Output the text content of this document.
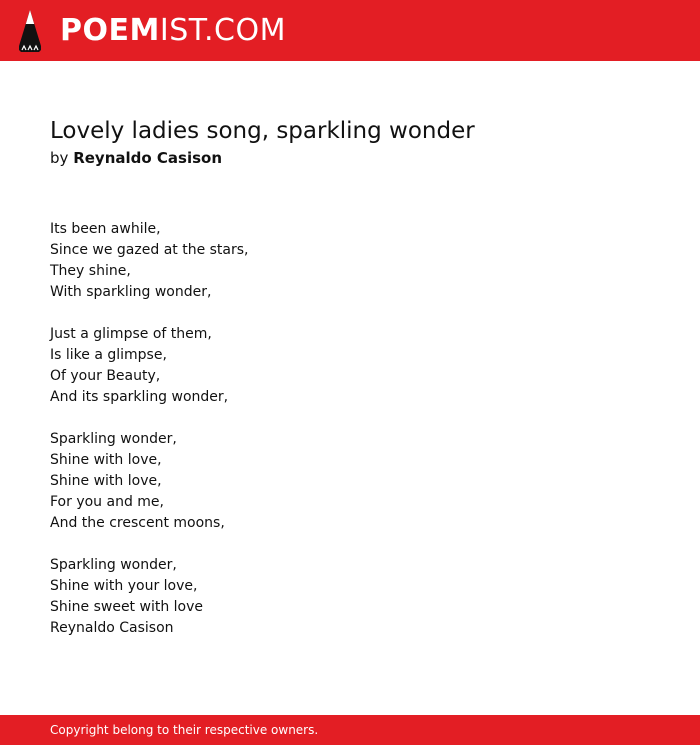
POEMIST.COM
Lovely ladies song, sparkling wonder
by Reynaldo Casison
Its been awhile,
Since we gazed at the stars,
They shine,
With sparkling wonder,
Just a glimpse of them,
Is like a glimpse,
Of your Beauty,
And its sparkling wonder,
Sparkling wonder,
Shine with love,
Shine with love,
For you and me,
And the crescent moons,
Sparkling wonder,
Shine with your love,
Shine sweet with love
Reynaldo Casison
Copyright belong to their respective owners.
